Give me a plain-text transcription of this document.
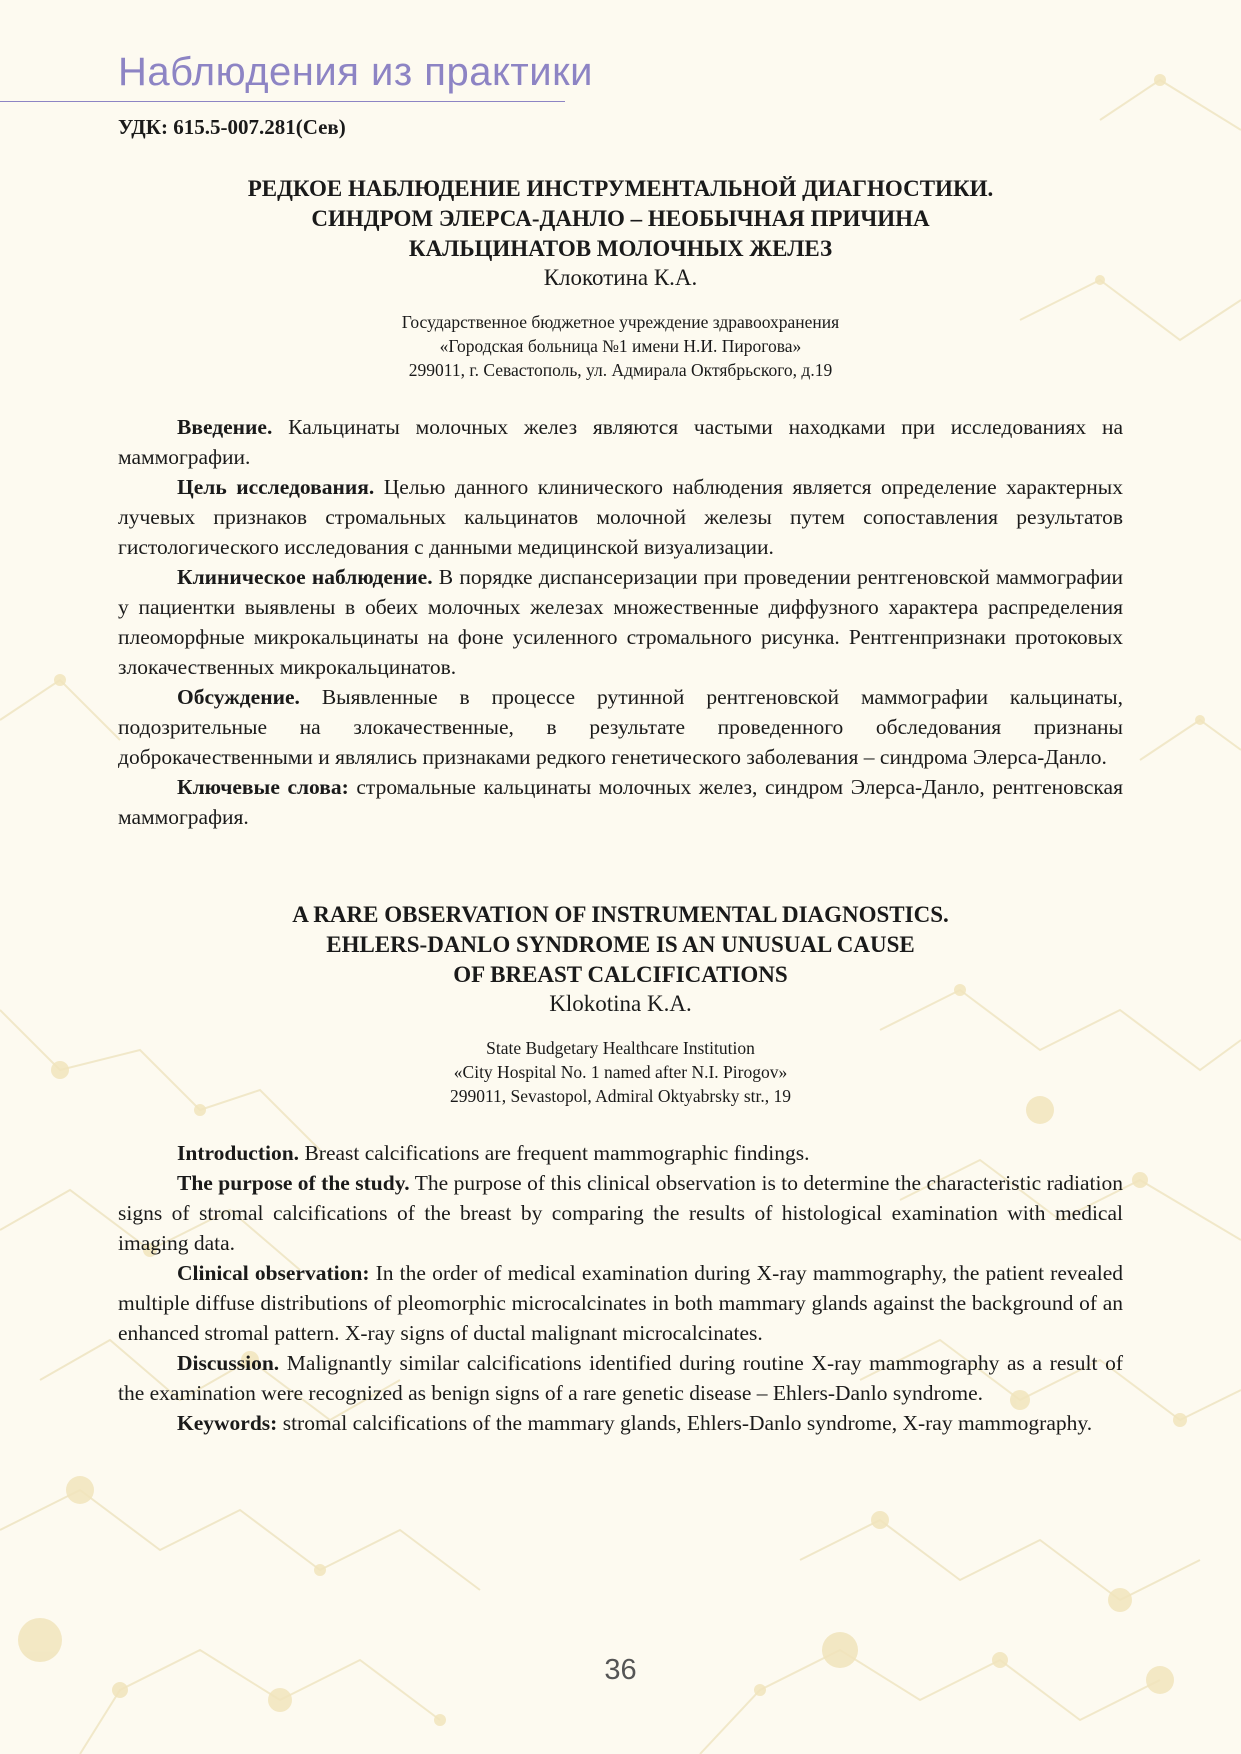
Наблюдения из практики

УДК: 615.5-007.281(Сев)

РЕДКОЕ НАБЛЮДЕНИЕ ИНСТРУМЕНТАЛЬНОЙ ДИАГНОСТИКИ.
СИНДРОМ ЭЛЕРСА-ДАНЛО – НЕОБЫЧНАЯ ПРИЧИНА
КАЛЬЦИНАТОВ МОЛОЧНЫХ ЖЕЛЕЗ

Клокотина К.А.

Государственное бюджетное учреждение здравоохранения
«Городская больница №1 имени Н.И. Пирогова»
299011, г. Севастополь, ул. Адмирала Октябрьского, д.19

Введение. Кальцинаты молочных желез являются частыми находками при исследованиях на маммографии.

Цель исследования. Целью данного клинического наблюдения является определение характерных лучевых признаков стромальных кальцинатов молочной железы путем сопоставления результатов гистологического исследования с данными медицинской визуализации.

Клиническое наблюдение. В порядке диспансеризации при проведении рентгеновской маммографии у пациентки выявлены в обеих молочных железах множественные диффузного характера распределения плеоморфные микрокальцинаты на фоне усиленного стромального рисунка. Рентгенпризнаки протоковых злокачественных микрокальцинатов.

Обсуждение. Выявленные в процессе рутинной рентгеновской маммографии кальцинаты, подозрительные на злокачественные, в результате проведенного обследования признаны доброкачественными и являлись признаками редкого генетического заболевания – синдрома Элерса-Данло.

Ключевые слова: стромальные кальцинаты молочных желез, синдром Элерса-Данло, рентгеновская маммография.

A RARE OBSERVATION OF INSTRUMENTAL DIAGNOSTICS.
EHLERS-DANLO SYNDROME IS AN UNUSUAL CAUSE
OF BREAST CALCIFICATIONS

Klokotina K.A.

State Budgetary Healthcare Institution
«City Hospital No. 1 named after N.I. Pirogov»
299011, Sevastopol, Admiral Oktyabrsky str., 19

Introduction. Breast calcifications are frequent mammographic findings.

The purpose of the study. The purpose of this clinical observation is to determine the characteristic radiation signs of stromal calcifications of the breast by comparing the results of histological examination with medical imaging data.

Clinical observation: In the order of medical examination during X-ray mammography, the patient revealed multiple diffuse distributions of pleomorphic microcalcinates in both mammary glands against the background of an enhanced stromal pattern. X-ray signs of ductal malignant microcalcinates.

Discussion. Malignantly similar calcifications identified during routine X-ray mammography as a result of the examination were recognized as benign signs of a rare genetic disease – Ehlers-Danlo syndrome.

Keywords: stromal calcifications of the mammary glands, Ehlers-Danlo syndrome, X-ray mammography.

36
